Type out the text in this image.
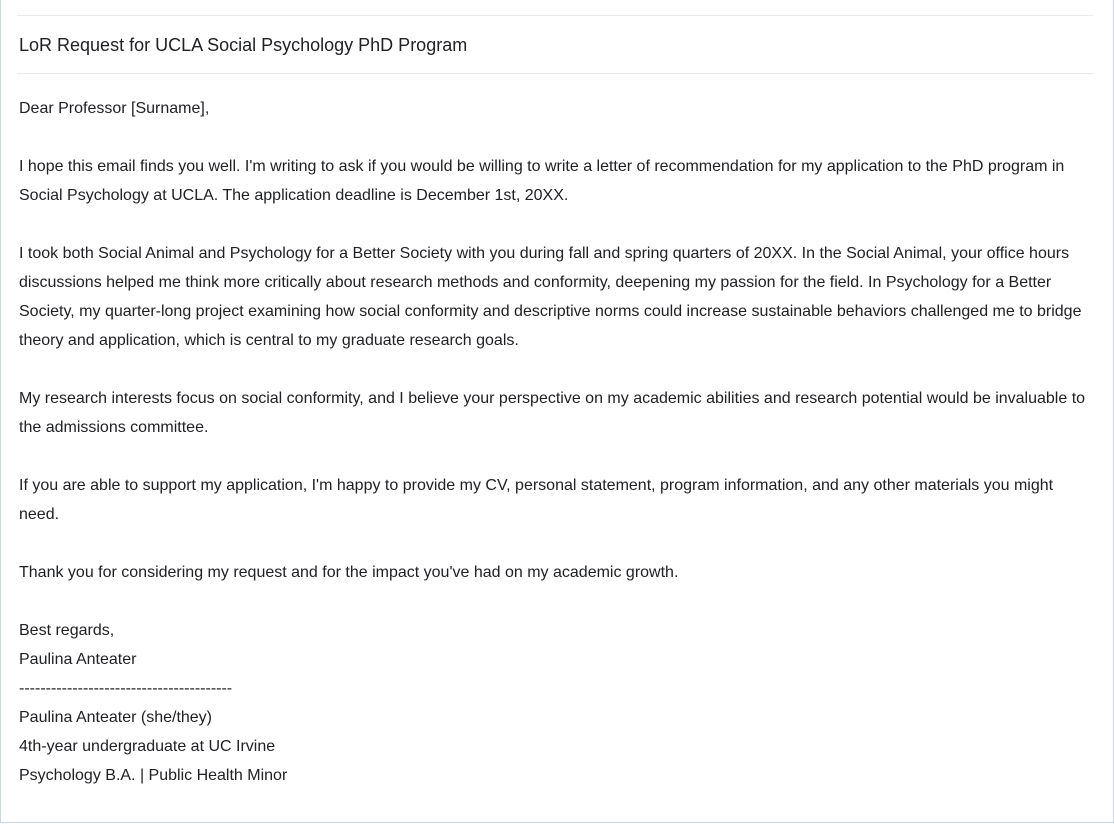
LoR Request for UCLA Social Psychology PhD Program

Dear Professor [Surname],

I hope this email finds you well. I'm writing to ask if you would be willing to write a letter of recommendation for my application to the PhD program in Social Psychology at UCLA. The application deadline is December 1st, 20XX.

I took both Social Animal and Psychology for a Better Society with you during fall and spring quarters of 20XX. In the Social Animal, your office hours discussions helped me think more critically about research methods and conformity, deepening my passion for the field. In Psychology for a Better Society, my quarter-long project examining how social conformity and descriptive norms could increase sustainable behaviors challenged me to bridge theory and application, which is central to my graduate research goals.

My research interests focus on social conformity, and I believe your perspective on my academic abilities and research potential would be invaluable to the admissions committee.

If you are able to support my application, I'm happy to provide my CV, personal statement, program information, and any other materials you might need.

Thank you for considering my request and for the impact you've had on my academic growth.

Best regards,
Paulina Anteater
----------------------------------------
Paulina Anteater (she/they)
4th-year undergraduate at UC Irvine
Psychology B.A. | Public Health Minor
